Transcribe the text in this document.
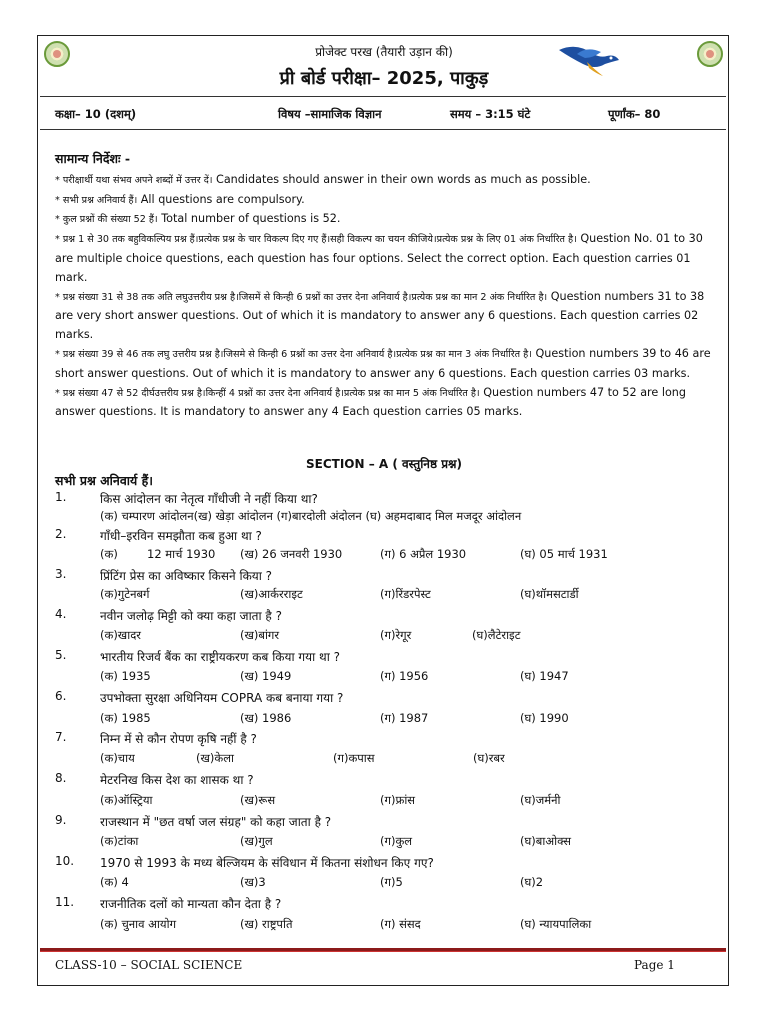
प्रोजेक्ट परख (तैयारी उड़ान की)
प्री बोर्ड परीक्षा– 2025, पाकुड़
कक्षा– 10 (दशम्)	विषय –सामाजिक विज्ञान	समय – 3:15 घंटे	पूर्णांक– 80

सामान्य निर्देशः -

* परीक्षार्थी यथा संभव अपने शब्दों में उत्तर दें। Candidates should answer in their own words as much as possible.

* सभी प्रश्न अनिवार्य हैं। All questions are compulsory.

* कुल प्रश्नों की संख्या 52 हैं। Total number of questions is 52.

* प्रश्न 1 से 30 तक बहुविकल्पिय प्रश्न हैं।प्रत्येक प्रश्न के चार विकल्प दिए गए हैं।सही विकल्प का चयन कीजिये।प्रत्येक प्रश्न के लिए 01 अंक निर्धारित है। Question No. 01 to 30 are multiple choice questions, each question has four options. Select the correct option. Each question carries 01 mark.

* प्रश्न संख्या 31 से 38 तक अति लघुउत्तरीय प्रश्न है।जिसमें से किन्ही 6 प्रश्नों का उत्तर देना अनिवार्य है।प्रत्येक प्रश्न का मान 2 अंक निर्धारित है। Question numbers 31 to 38 are very short answer questions. Out of which it is mandatory to answer any 6 questions. Each question carries 02 marks.

* प्रश्न संख्या 39 से 46 तक लघु उत्तरीय प्रश्न है।जिसमे से किन्ही 6 प्रश्नों का उत्तर देना अनिवार्य है।प्रत्येक प्रश्न का मान 3 अंक निर्धारित है। Question numbers 39 to 46 are short answer questions. Out of which it is mandatory to answer any 6 questions. Each question carries 03 marks.

* प्रश्न संख्या 47 से 52 दीर्घउत्तरीय प्रश्न है।किन्हीं 4 प्रश्नों का उत्तर देना अनिवार्य है।प्रत्येक प्रश्न का मान 5 अंक निर्धारित है। Question numbers 47 to 52 are long answer questions. It is mandatory to answer any 4 Each question carries 05 marks.

SECTION – A ( वस्तुनिष्ठ प्रश्न)
सभी प्रश्न अनिवार्य हैं।
1.	किस आंदोलन का नेतृत्व गाँधीजी ने नहीं किया था?
(क) चम्पारण आंदोलन(ख) खेड़ा आंदोलन (ग)बारदोली अंदोलन (घ) अहमदाबाद मिल मजदूर आंदोलन
2.	गाँधी–इरविन समझौता कब हुआ था ?
(क)	12 मार्च 1930 (ख) 26 जनवरी 1930	(ग) 6 अप्रैल 1930	(घ) 05 मार्च 1931
3.	प्रिंटिंग प्रेस का अविष्कार किसने किया ?
(क)गुटेनबर्ग	(ख)आर्करराइट	(ग)रिंडरपेस्ट	(घ)थॉमसटार्डी
4.	नवीन जलोढ़ मिट्टी को क्या कहा जाता है ?
(क)खादर	(ख)बांगर	(ग)रेगूर	(घ)लैटेराइट
5.	भारतीय रिजर्व बैंक का राष्ट्रीयकरण कब किया गया था ?
(क) 1935	(ख) 1949	(ग) 1956	(घ) 1947
6.	उपभोक्ता सुरक्षा अधिनियम COPRA कब बनाया गया ?
(क) 1985	(ख) 1986	(ग) 1987	(घ) 1990
7.	निम्न में से कौन रोपण कृषि नहीं है ?
(क)चाय	(ख)केला	(ग)कपास	(घ)रबर
8.	मेटरनिख किस देश का शासक था ?
(क)ऑस्ट्रिया	(ख)रूस	(ग)फ्रांस	(घ)जर्मनी
9.	राजस्थान में "छत वर्षा जल संग्रह" को कहा जाता है ?
(क)टांका	(ख)गुल	(ग)कुल	(घ)बाओक्स
10. 1970 से 1993 के मध्य बेल्जियम के संविधान में कितना संशोधन किए गए?
(क) 4	(ख)3	(ग)5	(घ)2
11. राजनीतिक दलों को मान्यता कौन देता है ?
(क) चुनाव आयोग	(ख) राष्ट्रपति	(ग) संसद	(घ) न्यायपालिका
CLASS-10 – SOCIAL SCIENCE	Page 1
